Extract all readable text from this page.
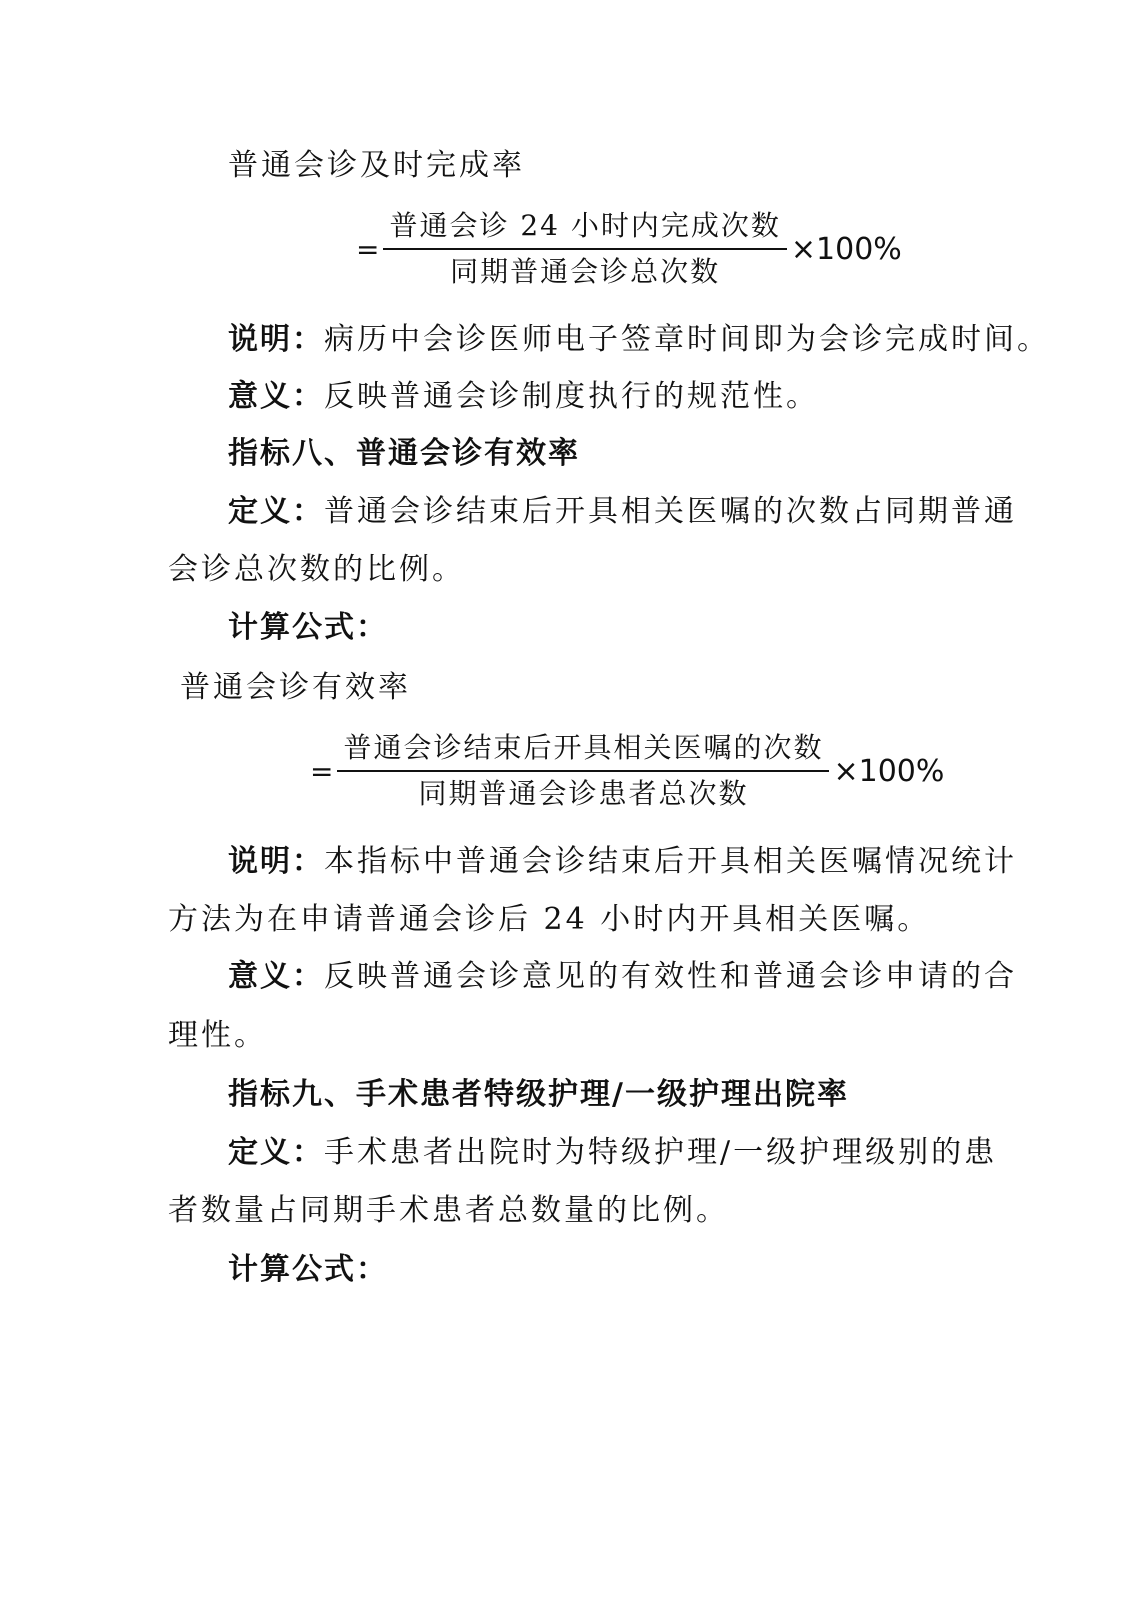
普通会诊及时完成率
= $\frac{\text{普通会诊 24 小时内完成次数}}{\text{同期普通会诊总次数}} \times 100\%$
说明：病历中会诊医师电子签章时间即为会诊完成时间。
意义：反映普通会诊制度执行的规范性。
指标八、普通会诊有效率
定义：普通会诊结束后开具相关医嘱的次数占同期普通
会诊总次数的比例。
计算公式：
普通会诊有效率
= $\frac{\text{普通会诊结束后开具相关医嘱的次数}}{\text{同期普通会诊患者总次数}} \times 100\%$
说明：本指标中普通会诊结束后开具相关医嘱情况统计
方法为在申请普通会诊后 24 小时内开具相关医嘱。
意义：反映普通会诊意见的有效性和普通会诊申请的合
理性。
指标九、手术患者特级护理/一级护理出院率
定义：手术患者出院时为特级护理/一级护理级别的患
者数量占同期手术患者总数量的比例。
计算公式：
